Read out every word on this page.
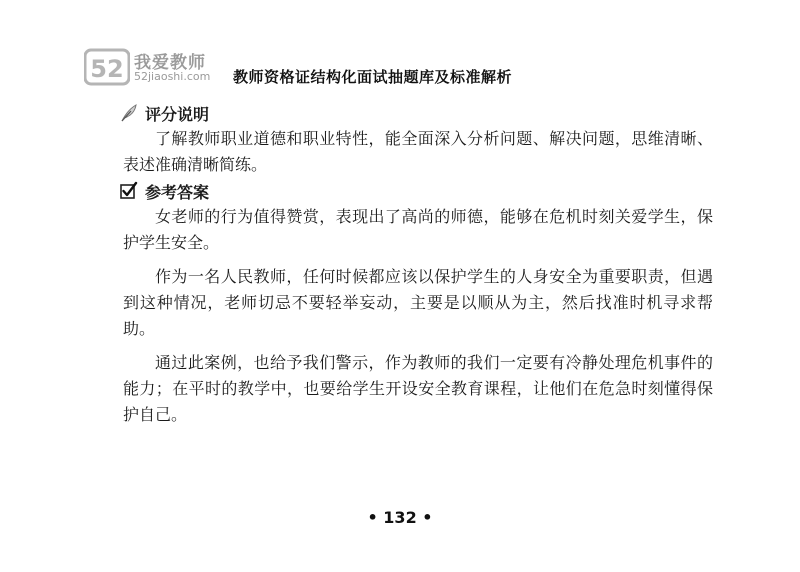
52 我爱教师
52jiaoshi.com 教师资格证结构化面试抽题库及标准解析
评分说明

了解教师职业道德和职业特性，能全面深入分析问题、解决问题，思维清晰、表述准确清晰简练。

参考答案

女老师的行为值得赞赏，表现出了高尚的师德，能够在危机时刻关爱学生，保护学生安全。

作为一名人民教师，任何时候都应该以保护学生的人身安全为重要职责，但遇到这种情况，老师切忌不要轻举妄动，主要是以顺从为主，然后找准时机寻求帮助。

通过此案例，也给予我们警示，作为教师的我们一定要有冷静处理危机事件的能力；在平时的教学中，也要给学生开设安全教育课程，让他们在危急时刻懂得保护自己。

• 132 •
